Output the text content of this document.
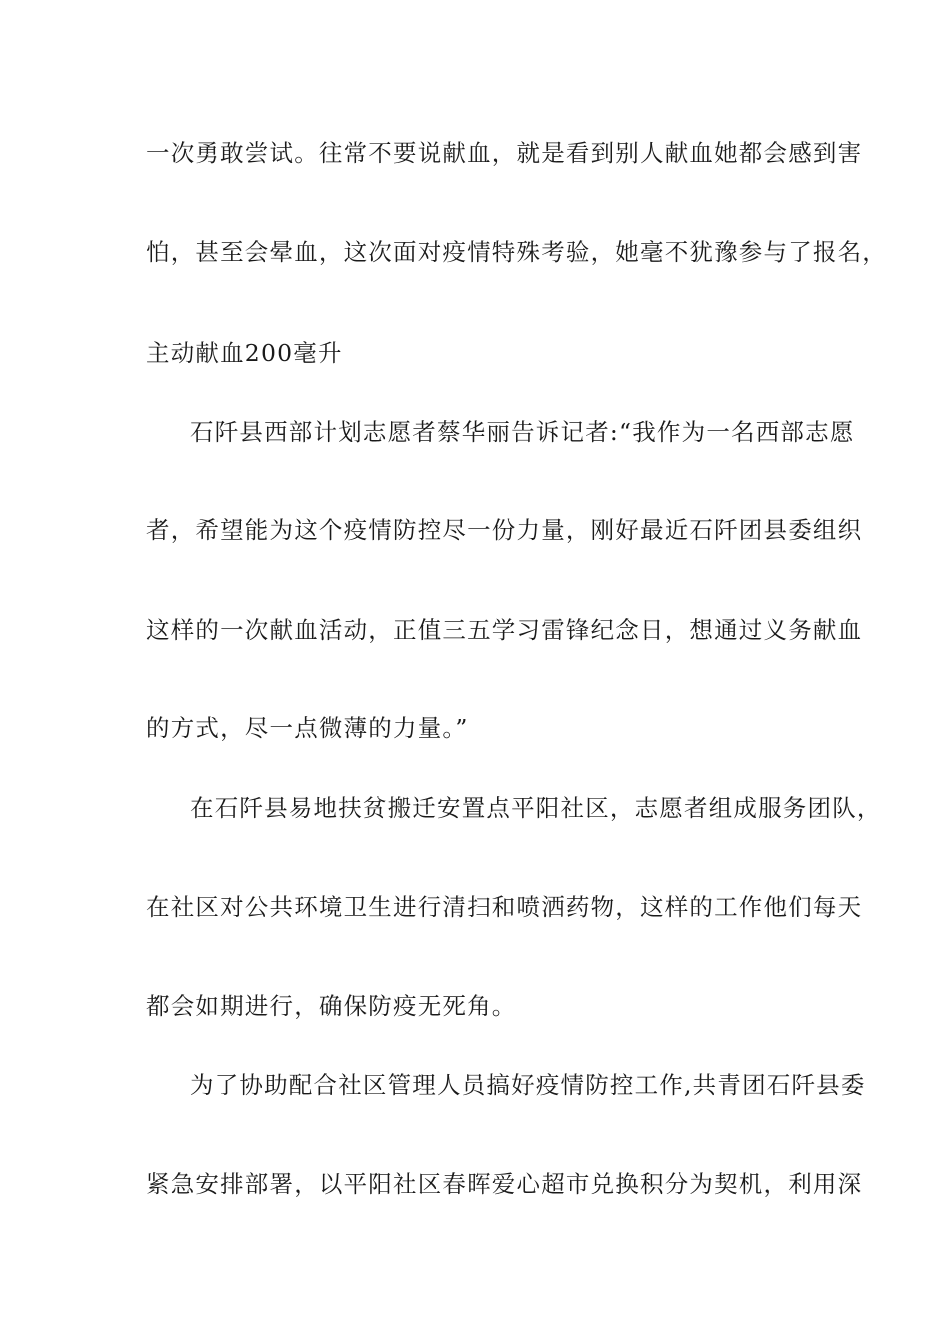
一次勇敢尝试。往常不要说献血，就是看到别人献血她都会感到害
怕，甚至会晕血，这次面对疫情特殊考验，她毫不犹豫参与了报名，
主动献血200毫升
石阡县西部计划志愿者蔡华丽告诉记者:“我作为一名西部志愿
者，希望能为这个疫情防控尽一份力量，刚好最近石阡团县委组织
这样的一次献血活动，正值三五学习雷锋纪念日，想通过义务献血
的方式，尽一点微薄的力量。”
在石阡县易地扶贫搬迁安置点平阳社区，志愿者组成服务团队，
在社区对公共环境卫生进行清扫和喷洒药物，这样的工作他们每天
都会如期进行，确保防疫无死角。
为了协助配合社区管理人员搞好疫情防控工作,共青团石阡县委
紧急安排部署，以平阳社区春晖爱心超市兑换积分为契机，利用深
